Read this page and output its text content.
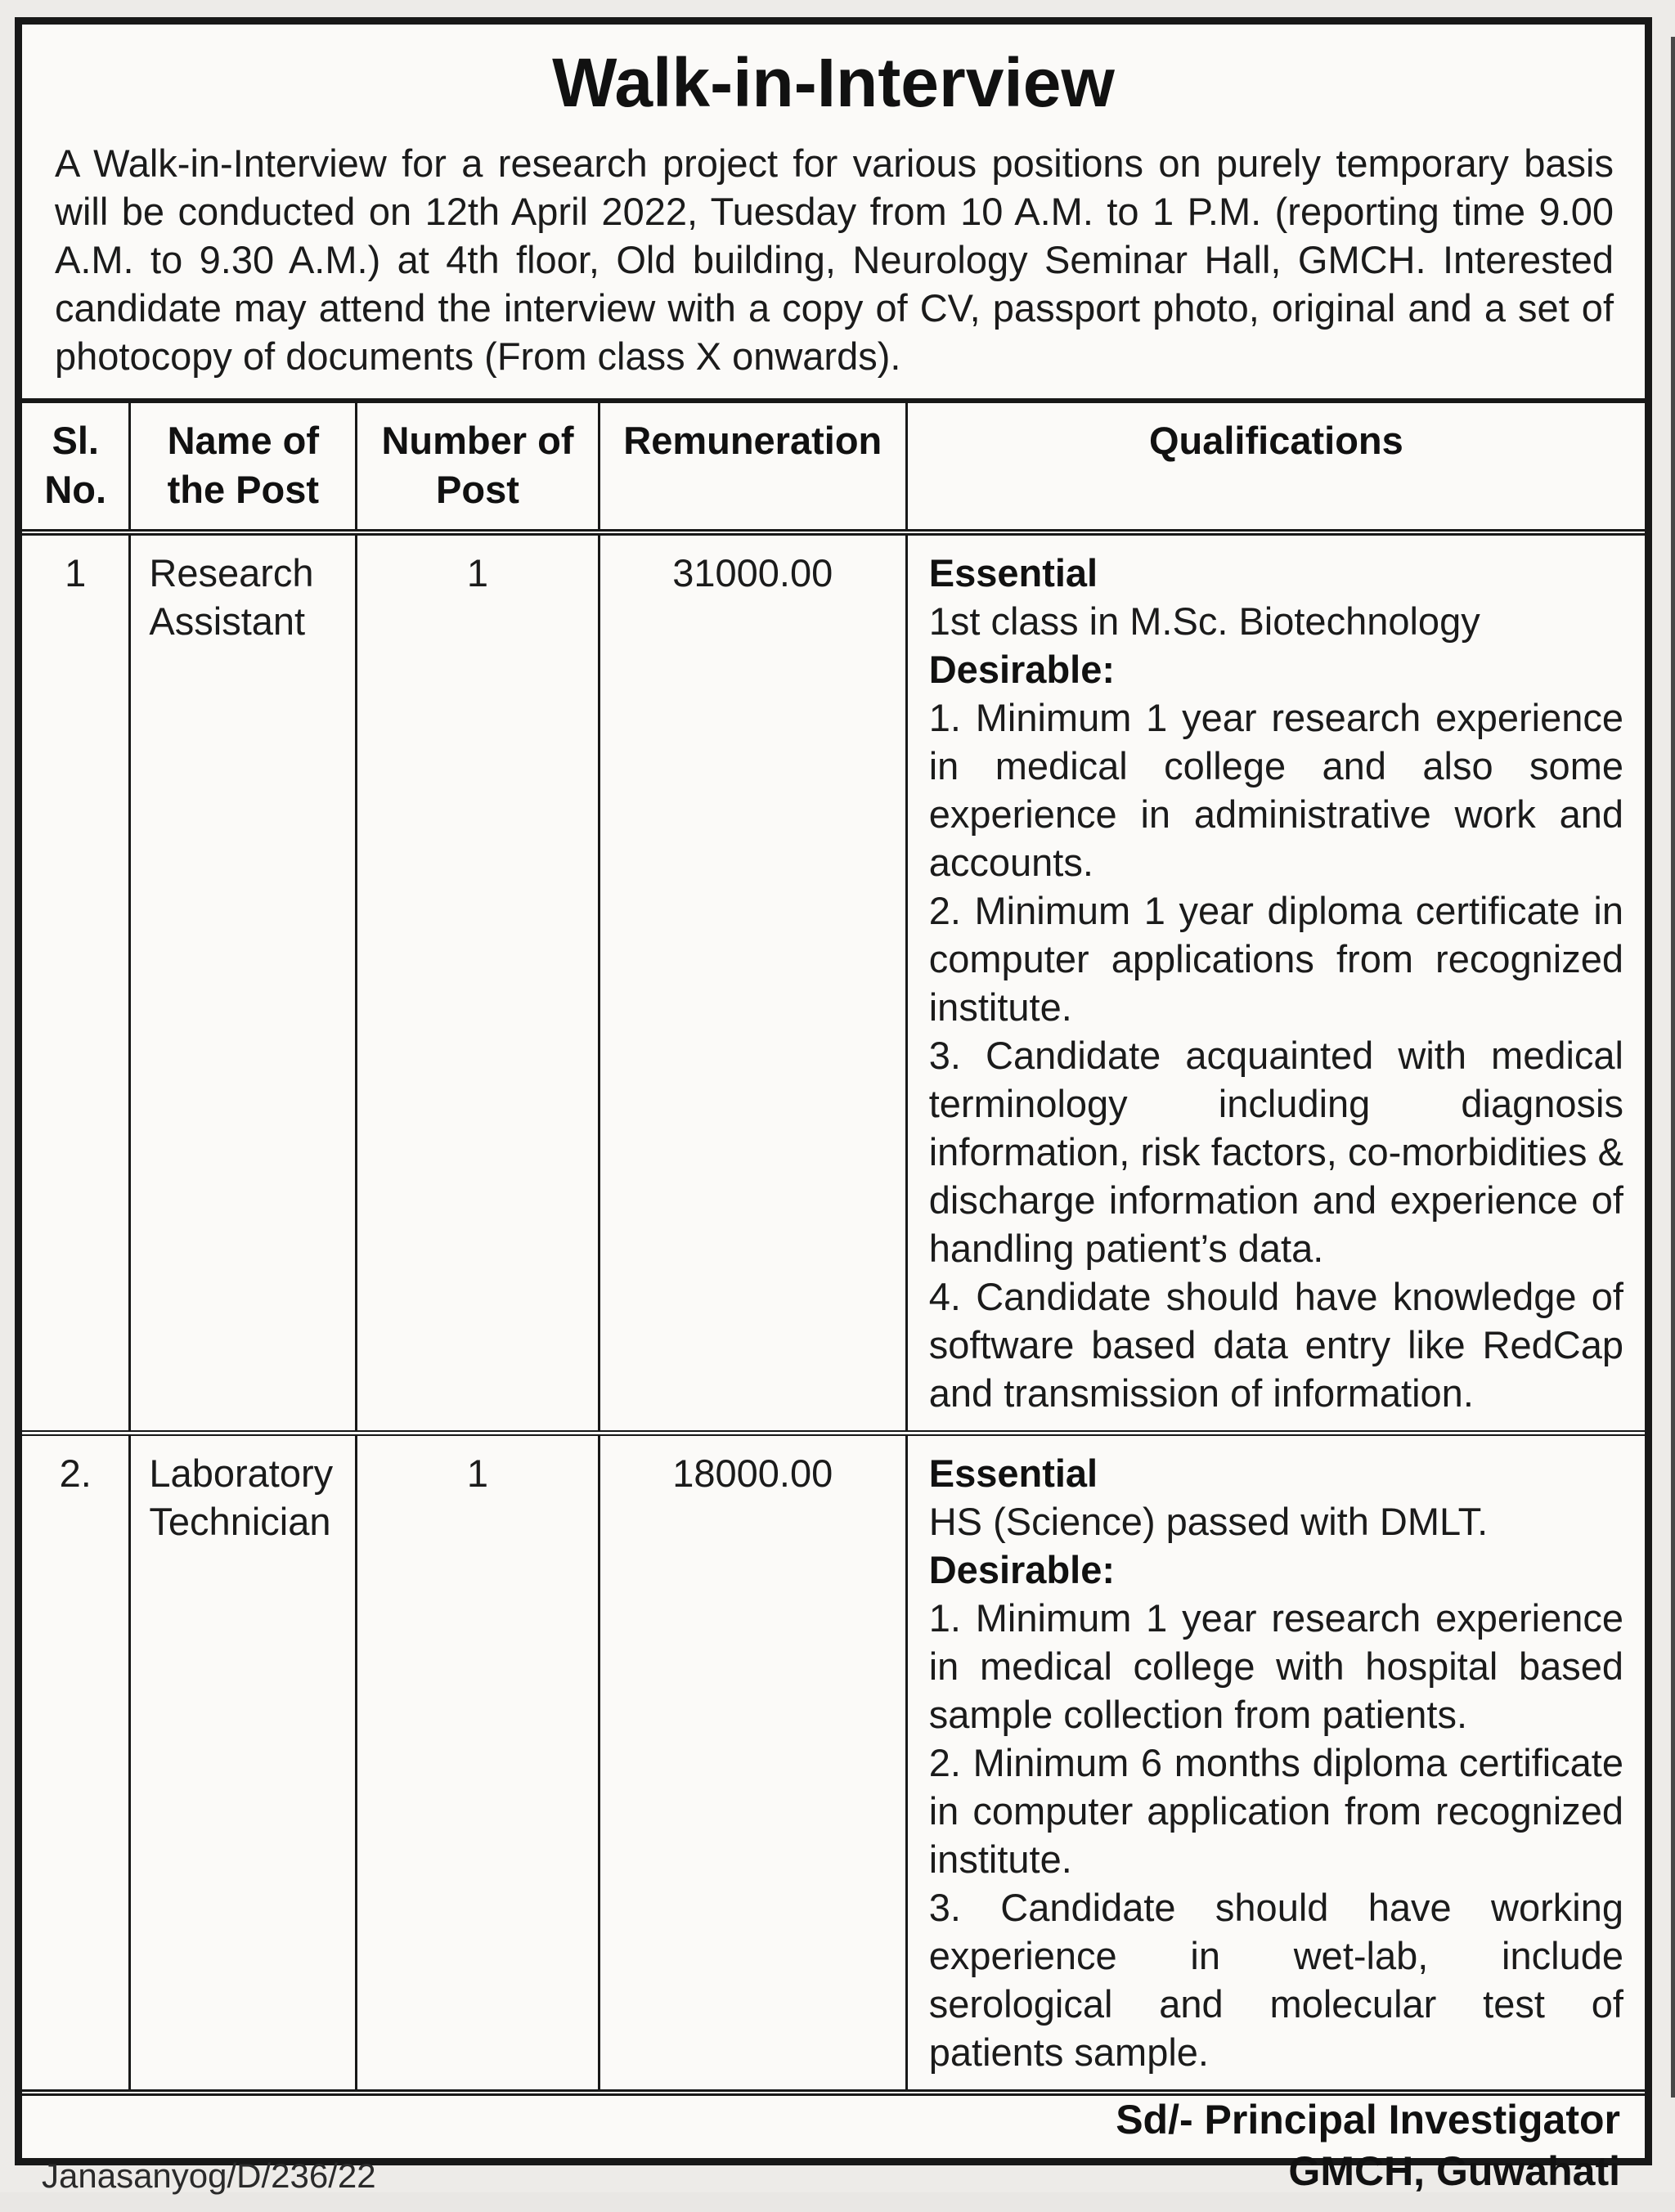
Walk-in-Interview

A Walk-in-Interview for a research project for various positions on purely temporary basis will be conducted on 12th April 2022, Tuesday from 10 A.M. to 1 P.M. (reporting time 9.00 A.M. to 9.30 A.M.) at 4th floor, Old building, Neurology Seminar Hall, GMCH. Interested candidate may attend the interview with a copy of CV, passport photo, original and a set of photocopy of documents (From class X onwards).

Sl. No.	Name of the Post	Number of Post	Remuneration	Qualifications
1	Research Assistant	1	31000.00	Essential

1st class in M.Sc. Biotechnology

Desirable:

1. Minimum 1 year research experience in medical college and also some experience in administrative work and accounts.

2. Minimum 1 year diploma certificate in computer applications from recognized institute.

3. Candidate acquainted with medical terminology including diagnosis information, risk factors, co-morbidities & discharge information and experience of handling patient’s data.

4. Candidate should have knowledge of software based data entry like RedCap and transmission of information.

2.	Laboratory Technician	1	18000.00	Essential

HS (Science) passed with DMLT.

Desirable:

1. Minimum 1 year research experience in medical college with hospital based sample collection from patients.

2. Minimum 6 months diploma certificate in computer application from recognized institute.

3. Candidate should have working experience in wet-lab, include serological and molecular test of patients sample.

Janasanyog/D/236/22
Sd/- Principal Investigator
GMCH, Guwahati
